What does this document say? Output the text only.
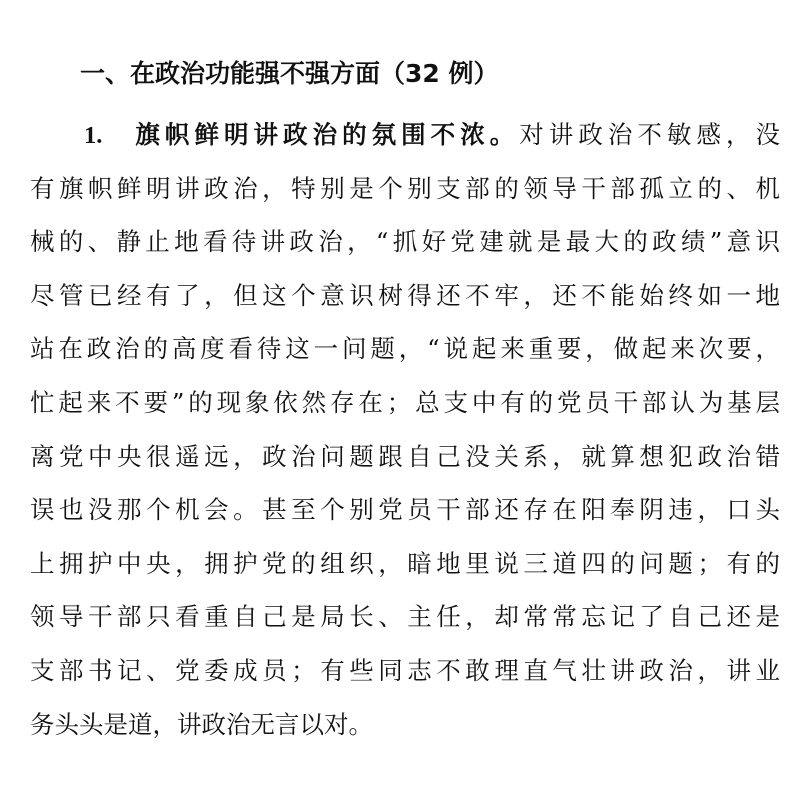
一、在政治功能强不强方面（32 例）
1. 旗帜鲜明讲政治的氛围不浓。对讲政治不敏感，没
有旗帜鲜明讲政治，特别是个别支部的领导干部孤立的、机
械的、静止地看待讲政治，“抓好党建就是最大的政绩”意识
尽管已经有了，但这个意识树得还不牢，还不能始终如一地
站在政治的高度看待这一问题，“说起来重要，做起来次要，
忙起来不要”的现象依然存在；总支中有的党员干部认为基层
离党中央很遥远，政治问题跟自己没关系，就算想犯政治错
误也没那个机会。甚至个别党员干部还存在阳奉阴违，口头
上拥护中央，拥护党的组织，暗地里说三道四的问题；有的
领导干部只看重自己是局长、主任，却常常忘记了自己还是
支部书记、党委成员；有些同志不敢理直气壮讲政治，讲业
务头头是道，讲政治无言以对。
